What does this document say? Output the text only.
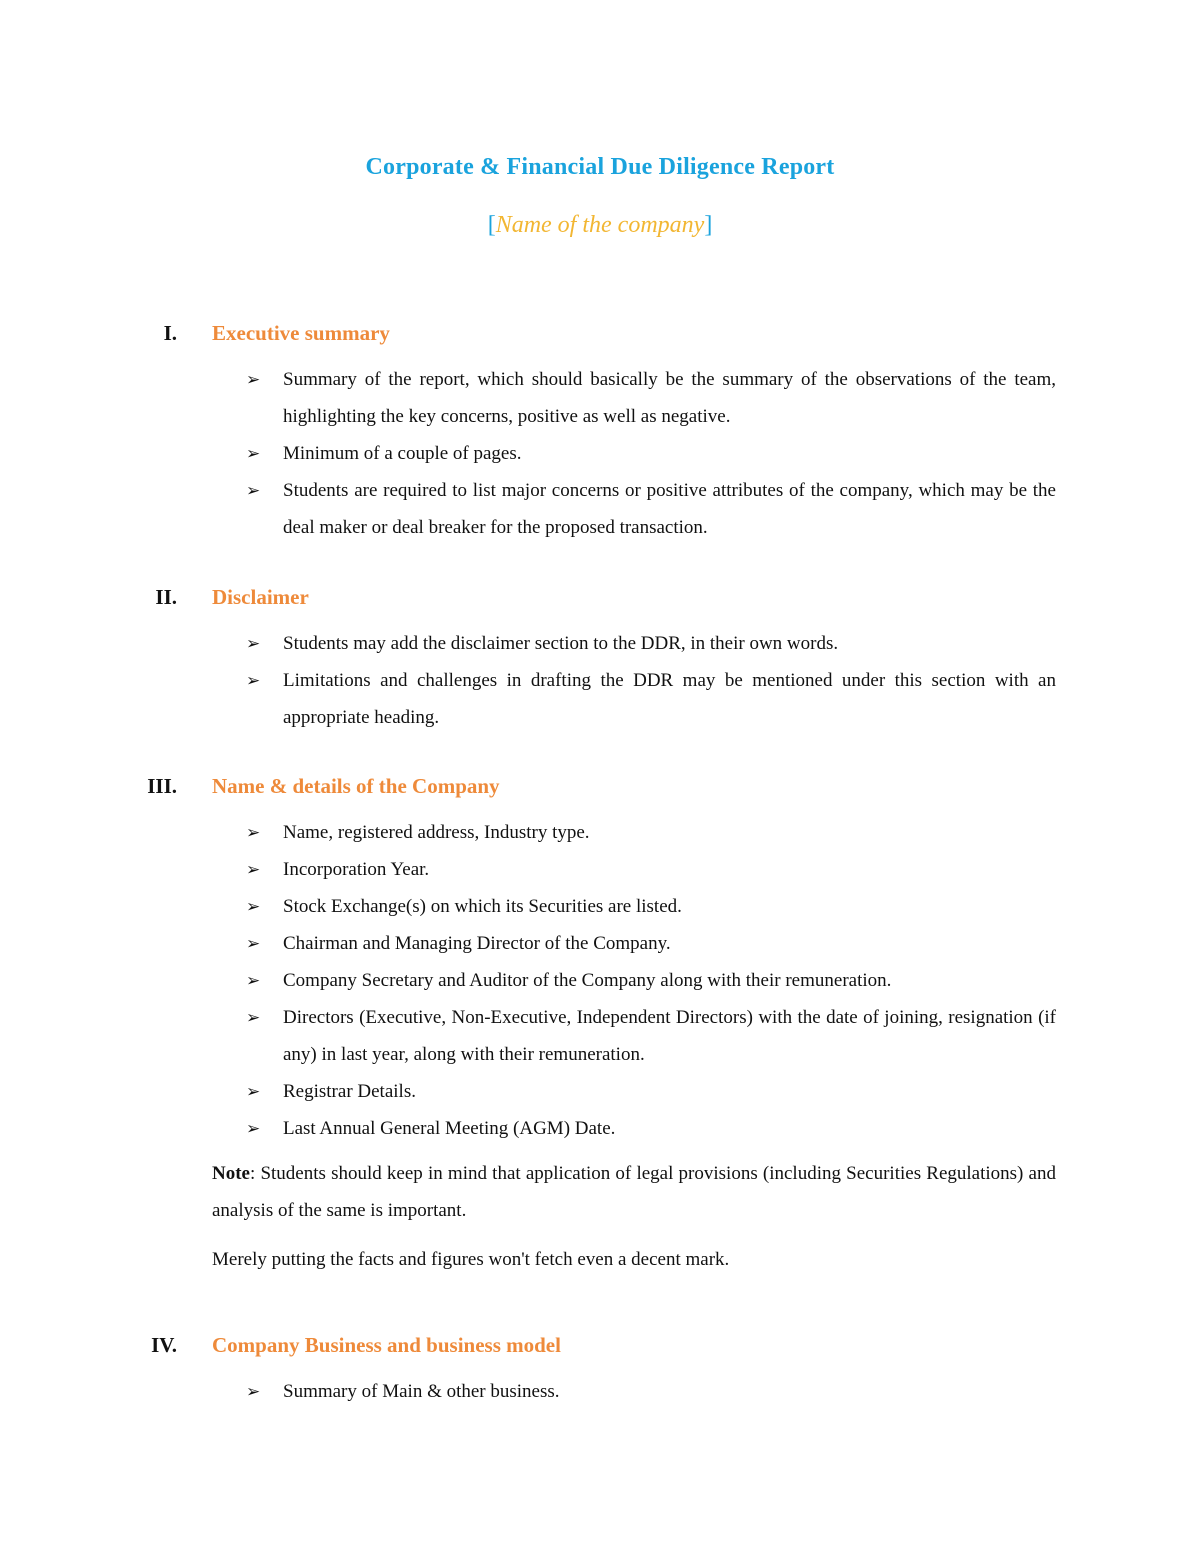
Corporate & Financial Due Diligence Report
[Name of the company]
I. Executive summary
➢	Summary of the report, which should basically be the summary of the observations of the team, highlighting the key concerns, positive as well as negative.
➢	Minimum of a couple of pages.
➢	Students are required to list major concerns or positive attributes of the company, which may be the deal maker or deal breaker for the proposed transaction.
II. Disclaimer
➢	Students may add the disclaimer section to the DDR, in their own words.
➢	Limitations and challenges in drafting the DDR may be mentioned under this section with an appropriate heading.
III. Name & details of the Company
➢	Name, registered address, Industry type.
➢	Incorporation Year.
➢	Stock Exchange(s) on which its Securities are listed.
➢	Chairman and Managing Director of the Company.
➢	Company Secretary and Auditor of the Company along with their remuneration.
➢	Directors (Executive, Non-Executive, Independent Directors) with the date of joining, resignation (if any) in last year, along with their remuneration.
➢	Registrar Details.
➢	Last Annual General Meeting (AGM) Date.
Note: Students should keep in mind that application of legal provisions (including Securities Regulations) and analysis of the same is important.
Merely putting the facts and figures won't fetch even a decent mark.
IV. Company Business and business model
➢	Summary of Main & other business.
